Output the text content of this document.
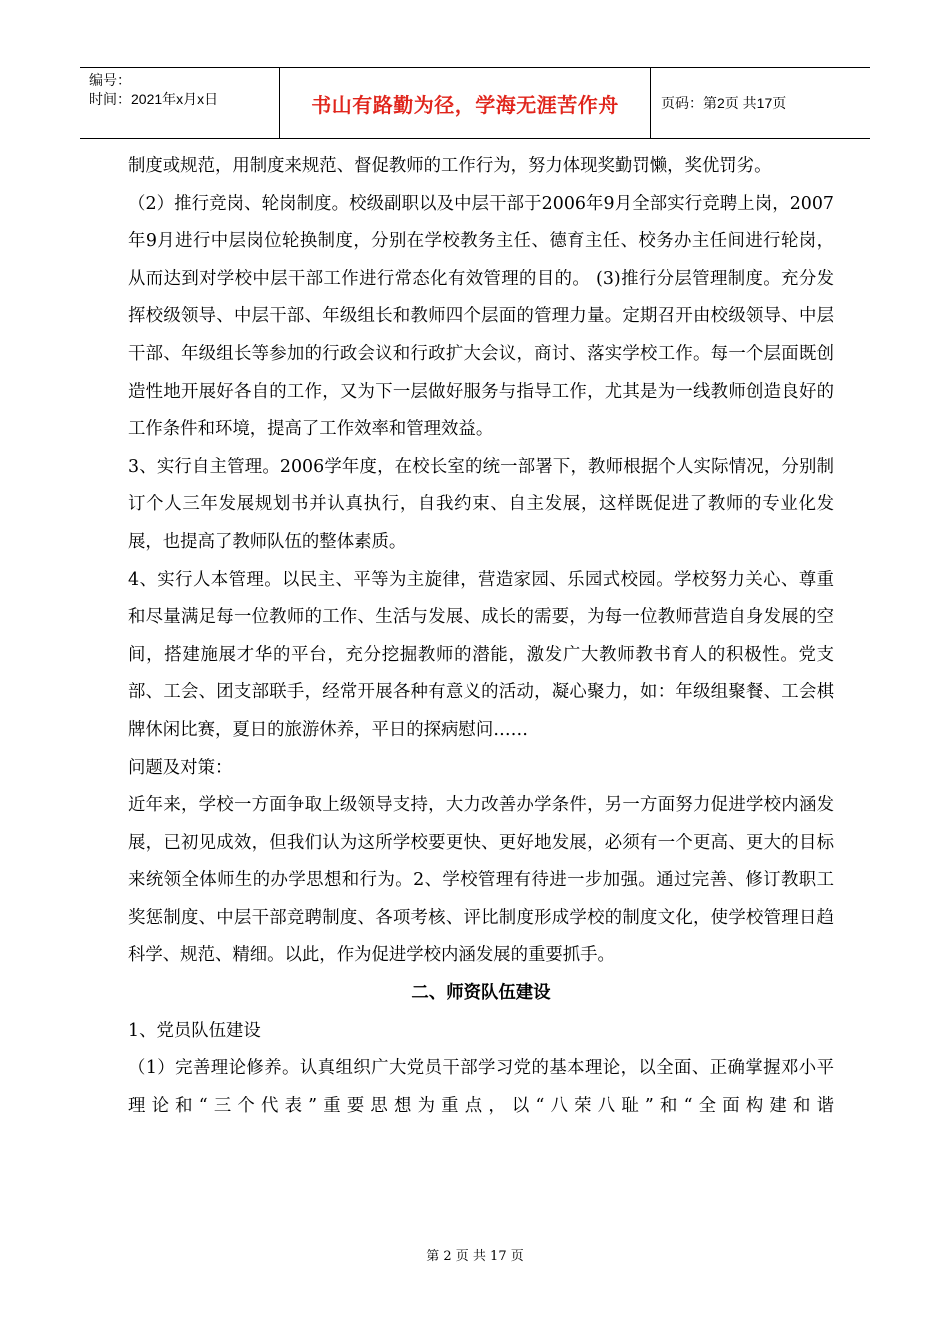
编号：
时间：2021年x月x日	书山有路勤为径，学海无涯苦作舟	页码：第2页 共17页

制度或规范，用制度来规范、督促教师的工作行为，努力体现奖勤罚懒，奖优罚劣。

（2）推行竞岗、轮岗制度。校级副职以及中层干部于2006年9月全部实行竞聘上岗，2007年9月进行中层岗位轮换制度，分别在学校教务主任、德育主任、校务办主任间进行轮岗，从而达到对学校中层干部工作进行常态化有效管理的目的。 (3)推行分层管理制度。充分发挥校级领导、中层干部、年级组长和教师四个层面的管理力量。定期召开由校级领导、中层干部、年级组长等参加的行政会议和行政扩大会议，商讨、落实学校工作。每一个层面既创造性地开展好各自的工作，又为下一层做好服务与指导工作，尤其是为一线教师创造良好的工作条件和环境，提高了工作效率和管理效益。

3、实行自主管理。2006学年度，在校长室的统一部署下，教师根据个人实际情况，分别制订个人三年发展规划书并认真执行，自我约束、自主发展，这样既促进了教师的专业化发展，也提高了教师队伍的整体素质。

4、实行人本管理。以民主、平等为主旋律，营造家园、乐园式校园。学校努力关心、尊重和尽量满足每一位教师的工作、生活与发展、成长的需要，为每一位教师营造自身发展的空间，搭建施展才华的平台，充分挖掘教师的潜能，激发广大教师教书育人的积极性。党支部、工会、团支部联手，经常开展各种有意义的活动，凝心聚力，如：年级组聚餐、工会棋牌休闲比赛，夏日的旅游休养，平日的探病慰问……

问题及对策：

近年来，学校一方面争取上级领导支持，大力改善办学条件，另一方面努力促进学校内涵发展，已初见成效，但我们认为这所学校要更快、更好地发展，必须有一个更高、更大的目标来统领全体师生的办学思想和行为。2、学校管理有待进一步加强。通过完善、修订教职工奖惩制度、中层干部竞聘制度、各项考核、评比制度形成学校的制度文化，使学校管理日趋科学、规范、精细。以此，作为促进学校内涵发展的重要抓手。

二、师资队伍建设

1、党员队伍建设

（1）完善理论修养。认真组织广大党员干部学习党的基本理论，以全面、正确掌握邓小平理论和“三个代表”重要思想为重点，以“八荣八耻”和“全面构建和谐

第 2 页 共 17 页
